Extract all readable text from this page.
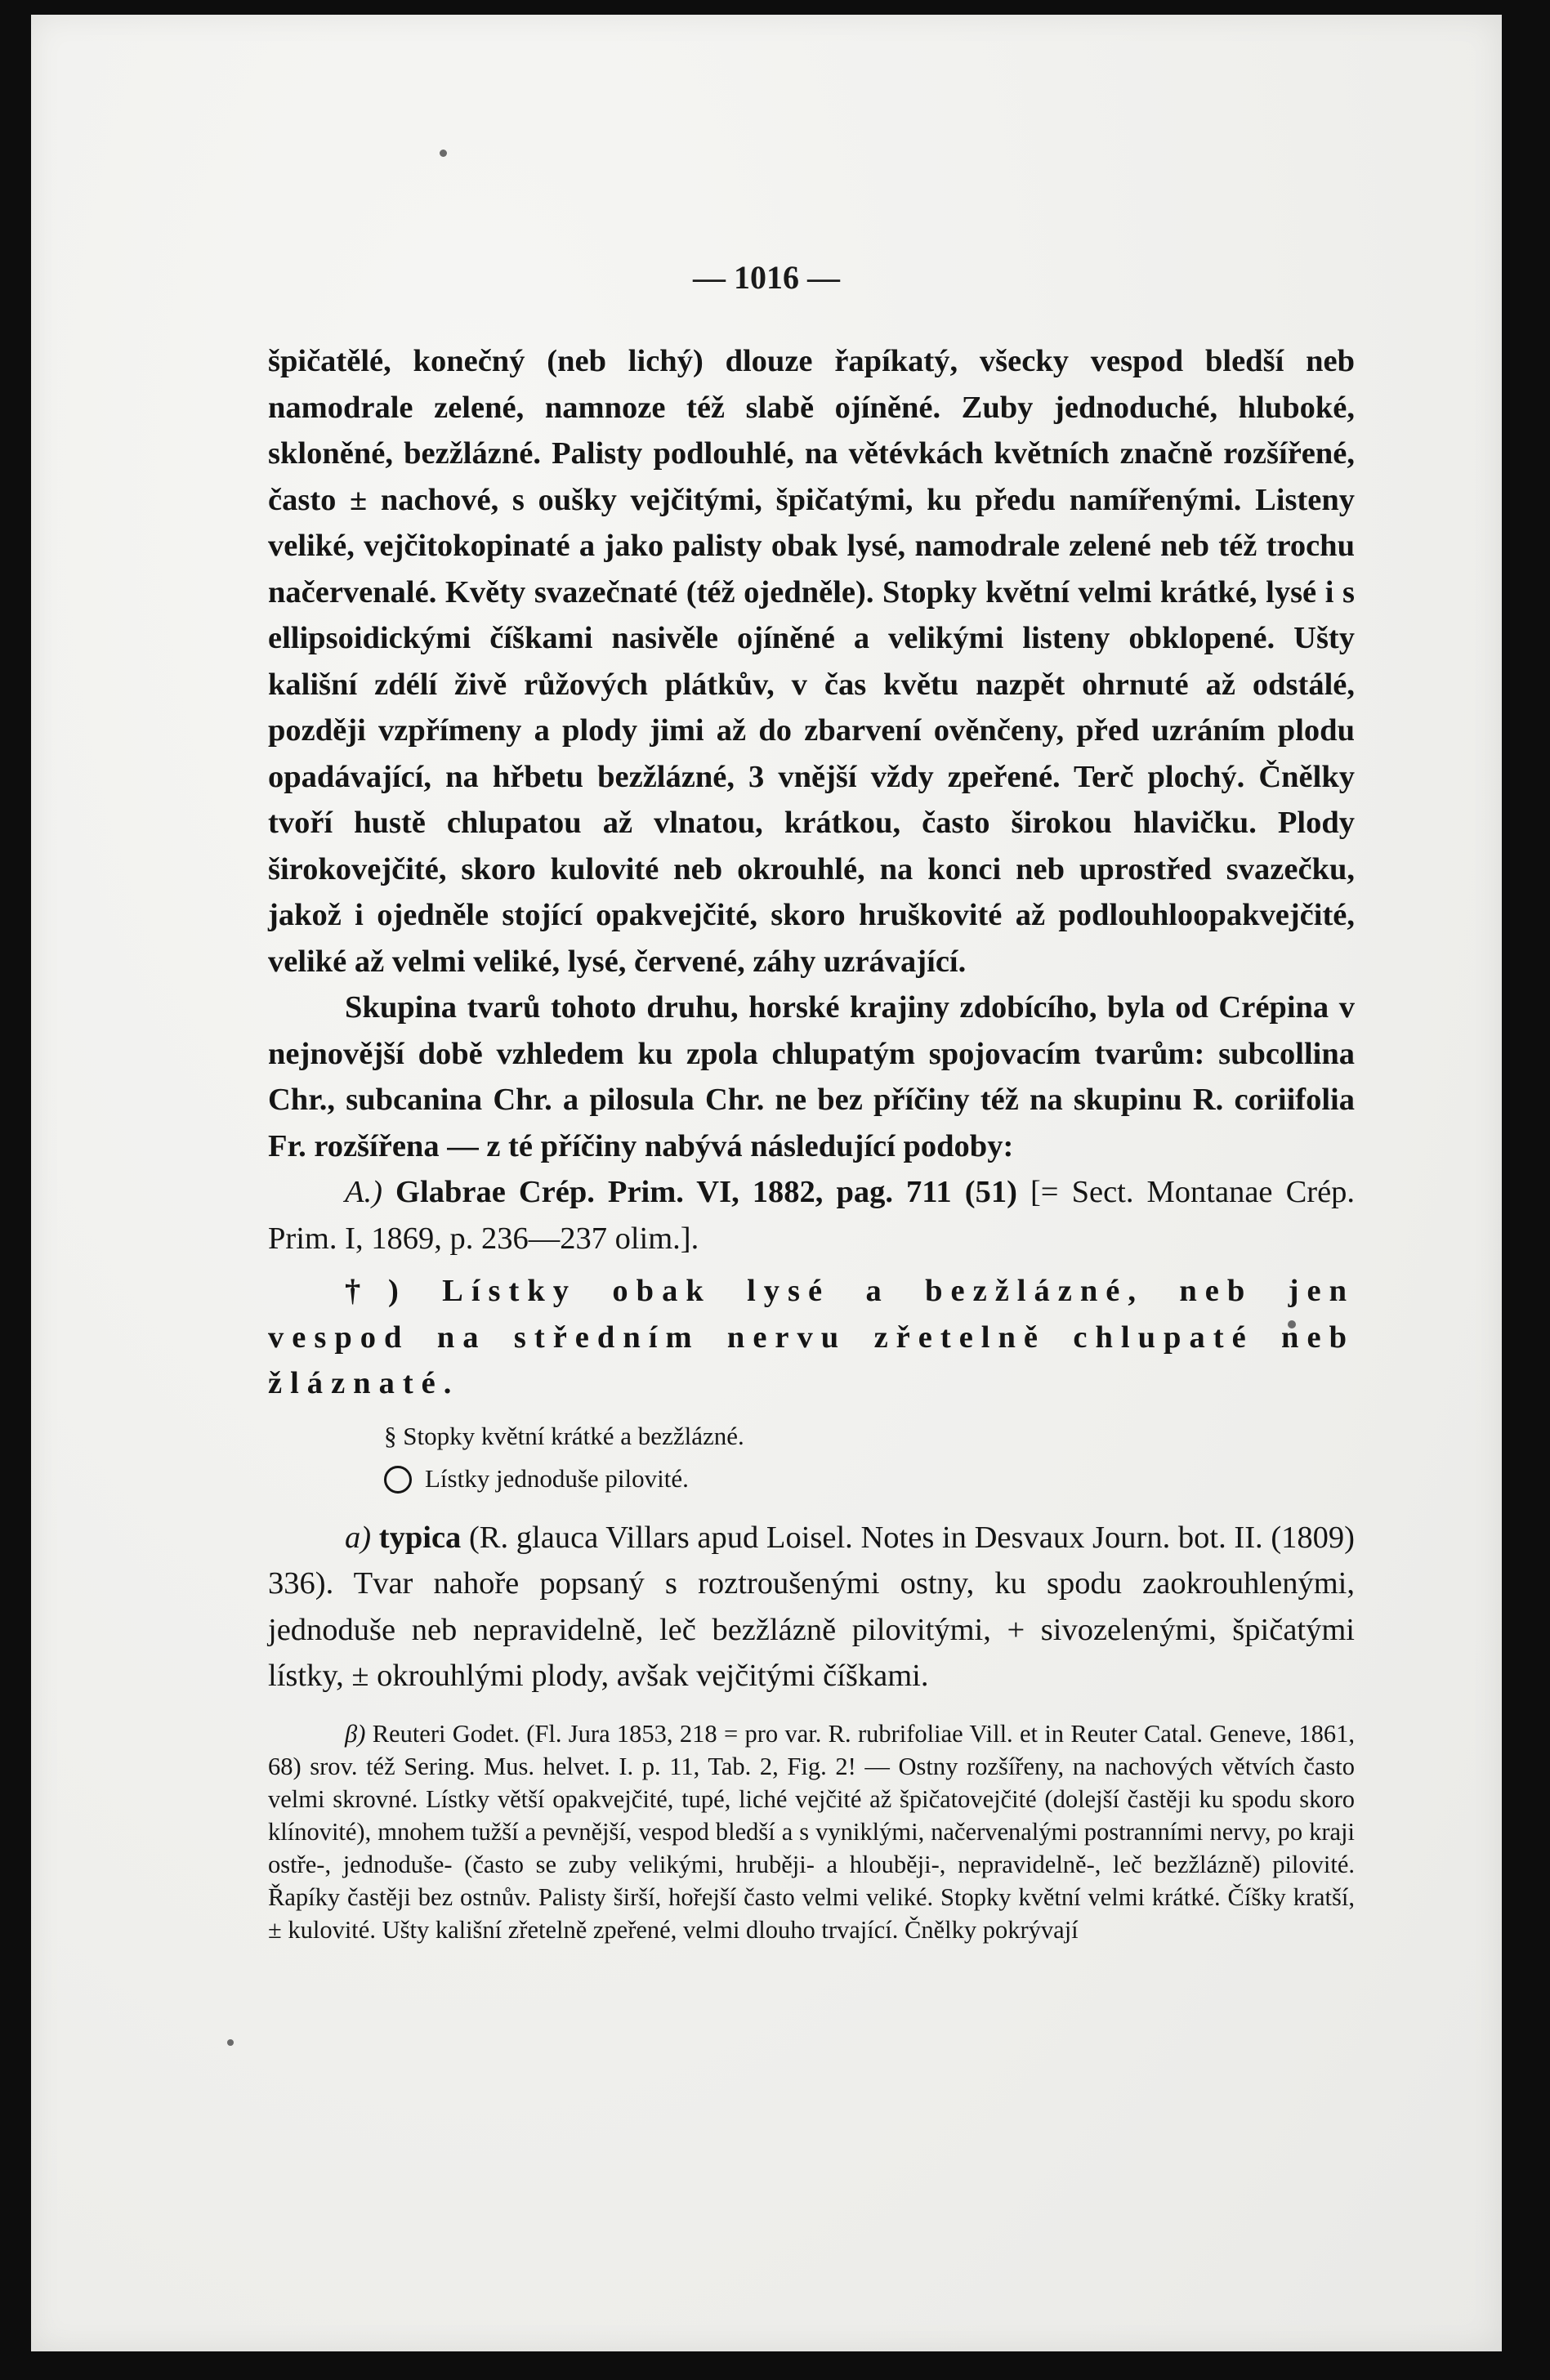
— 1016 —

špičatělé, konečný (neb lichý) dlouze řapíkatý, všecky vespod bledší neb namodrale zelené, namnoze též slabě ojíněné. Zuby jednoduché, hluboké, skloněné, bezžlázné. Palisty podlouhlé, na větévkách květních značně rozšířené, často ± nachové, s oušky vejčitými, špičatými, ku předu namířenými. Listeny veliké, vejčitokopinaté a jako palisty obak lysé, namodrale zelené neb též trochu načervenalé. Květy svazečnaté (též ojedněle). Stopky květní velmi krátké, lysé i s ellipsoidickými číškami nasivěle ojíněné a velikými listeny obklopené. Ušty kališní zdélí živě růžových plátkův, v čas květu nazpět ohrnuté až odstálé, později vzpřímeny a plody jimi až do zbarvení ověnčeny, před uzráním plodu opadávající, na hřbetu bezžlázné, 3 vnější vždy zpeřené. Terč plochý. Čnělky tvoří hustě chlupatou až vlnatou, krátkou, často širokou hlavičku. Plody širokovejčité, skoro kulovité neb okrouhlé, na konci neb uprostřed svazečku, jakož i ojedněle stojící opakvejčité, skoro hruškovité až podlouhloopakvejčité, veliké až velmi veliké, lysé, červené, záhy uzrávající.

Skupina tvarů tohoto druhu, horské krajiny zdobícího, byla od Crépina v nejnovější době vzhledem ku zpola chlupatým spojovacím tvarům: subcollina Chr., subcanina Chr. a pilosula Chr. ne bez příčiny též na skupinu R. coriifolia Fr. rozšířena — z té příčiny nabývá následující podoby:

A.) Glabrae Crép. Prim. VI, 1882, pag. 711 (51) [= Sect. Montanae Crép. Prim. I, 1869, p. 236—237 olim.].

†) Lístky obak lysé a bezžlázné, neb jen vespod na středním nervu zřetelně chlupaté neb žláznaté.

§ Stopky květní krátké a bezžlázné.

Lístky jednoduše pilovité.

a) typica (R. glauca Villars apud Loisel. Notes in Desvaux Journ. bot. II. (1809) 336). Tvar nahoře popsaný s roztroušenými ostny, ku spodu zaokrouhlenými, jednoduše neb nepravidelně, leč bezžlázně pilovitými, + sivozelenými, špičatými lístky, ± okrouhlými plody, avšak vejčitými číškami.

β) Reuteri Godet. (Fl. Jura 1853, 218 = pro var. R. rubrifoliae Vill. et in Reuter Catal. Geneve, 1861, 68) srov. též Sering. Mus. helvet. I. p. 11, Tab. 2, Fig. 2! — Ostny rozšířeny, na nachových větvích často velmi skrovné. Lístky větší opakvejčité, tupé, liché vejčité až špičatovejčité (dolejší častěji ku spodu skoro klínovité), mnohem tužší a pevnější, vespod bledší a s vyniklými, načervenalými postranními nervy, po kraji ostře-, jednoduše- (často se zuby velikými, hruběji- a hlouběji-, nepravidelně-, leč bezžlázně) pilovité. Řapíky častěji bez ostnův. Palisty širší, hořejší často velmi veliké. Stopky květní velmi krátké. Číšky kratší, ± kulovité. Ušty kališní zřetelně zpeřené, velmi dlouho trvající. Čnělky pokrývají
